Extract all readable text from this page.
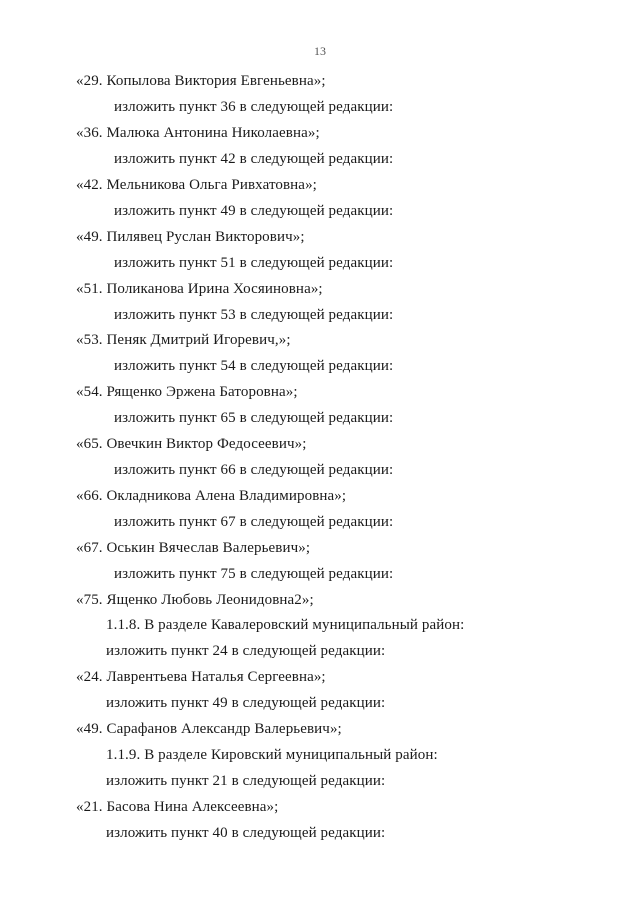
13
«29. Копылова Виктория Евгеньевна»;
изложить пункт 36 в следующей редакции:
«36. Малюка Антонина Николаевна»;
изложить пункт 42 в следующей редакции:
«42. Мельникова Ольга Ривхатовна»;
изложить пункт 49 в следующей редакции:
«49. Пилявец Руслан Викторович»;
изложить пункт 51 в следующей редакции:
«51. Поликанова Ирина Хосяиновна»;
изложить пункт 53 в следующей редакции:
«53. Пеняк Дмитрий Игоревич,»;
изложить пункт 54 в следующей редакции:
«54. Рященко Эржена Баторовна»;
изложить пункт 65 в следующей редакции:
«65. Овечкин Виктор Федосеевич»;
изложить пункт 66 в следующей редакции:
«66. Окладникова Алена Владимировна»;
изложить пункт 67 в следующей редакции:
«67. Оськин Вячеслав Валерьевич»;
изложить пункт 75 в следующей редакции:
«75. Ященко Любовь Леонидовна2»;
1.1.8. В разделе Кавалеровский муниципальный район:
изложить пункт 24 в следующей редакции:
«24. Лаврентьева Наталья Сергеевна»;
изложить пункт 49 в следующей редакции:
«49. Сарафанов Александр Валерьевич»;
1.1.9. В разделе Кировский муниципальный район:
изложить пункт 21 в следующей редакции:
«21. Басова Нина Алексеевна»;
изложить пункт 40 в следующей редакции:
